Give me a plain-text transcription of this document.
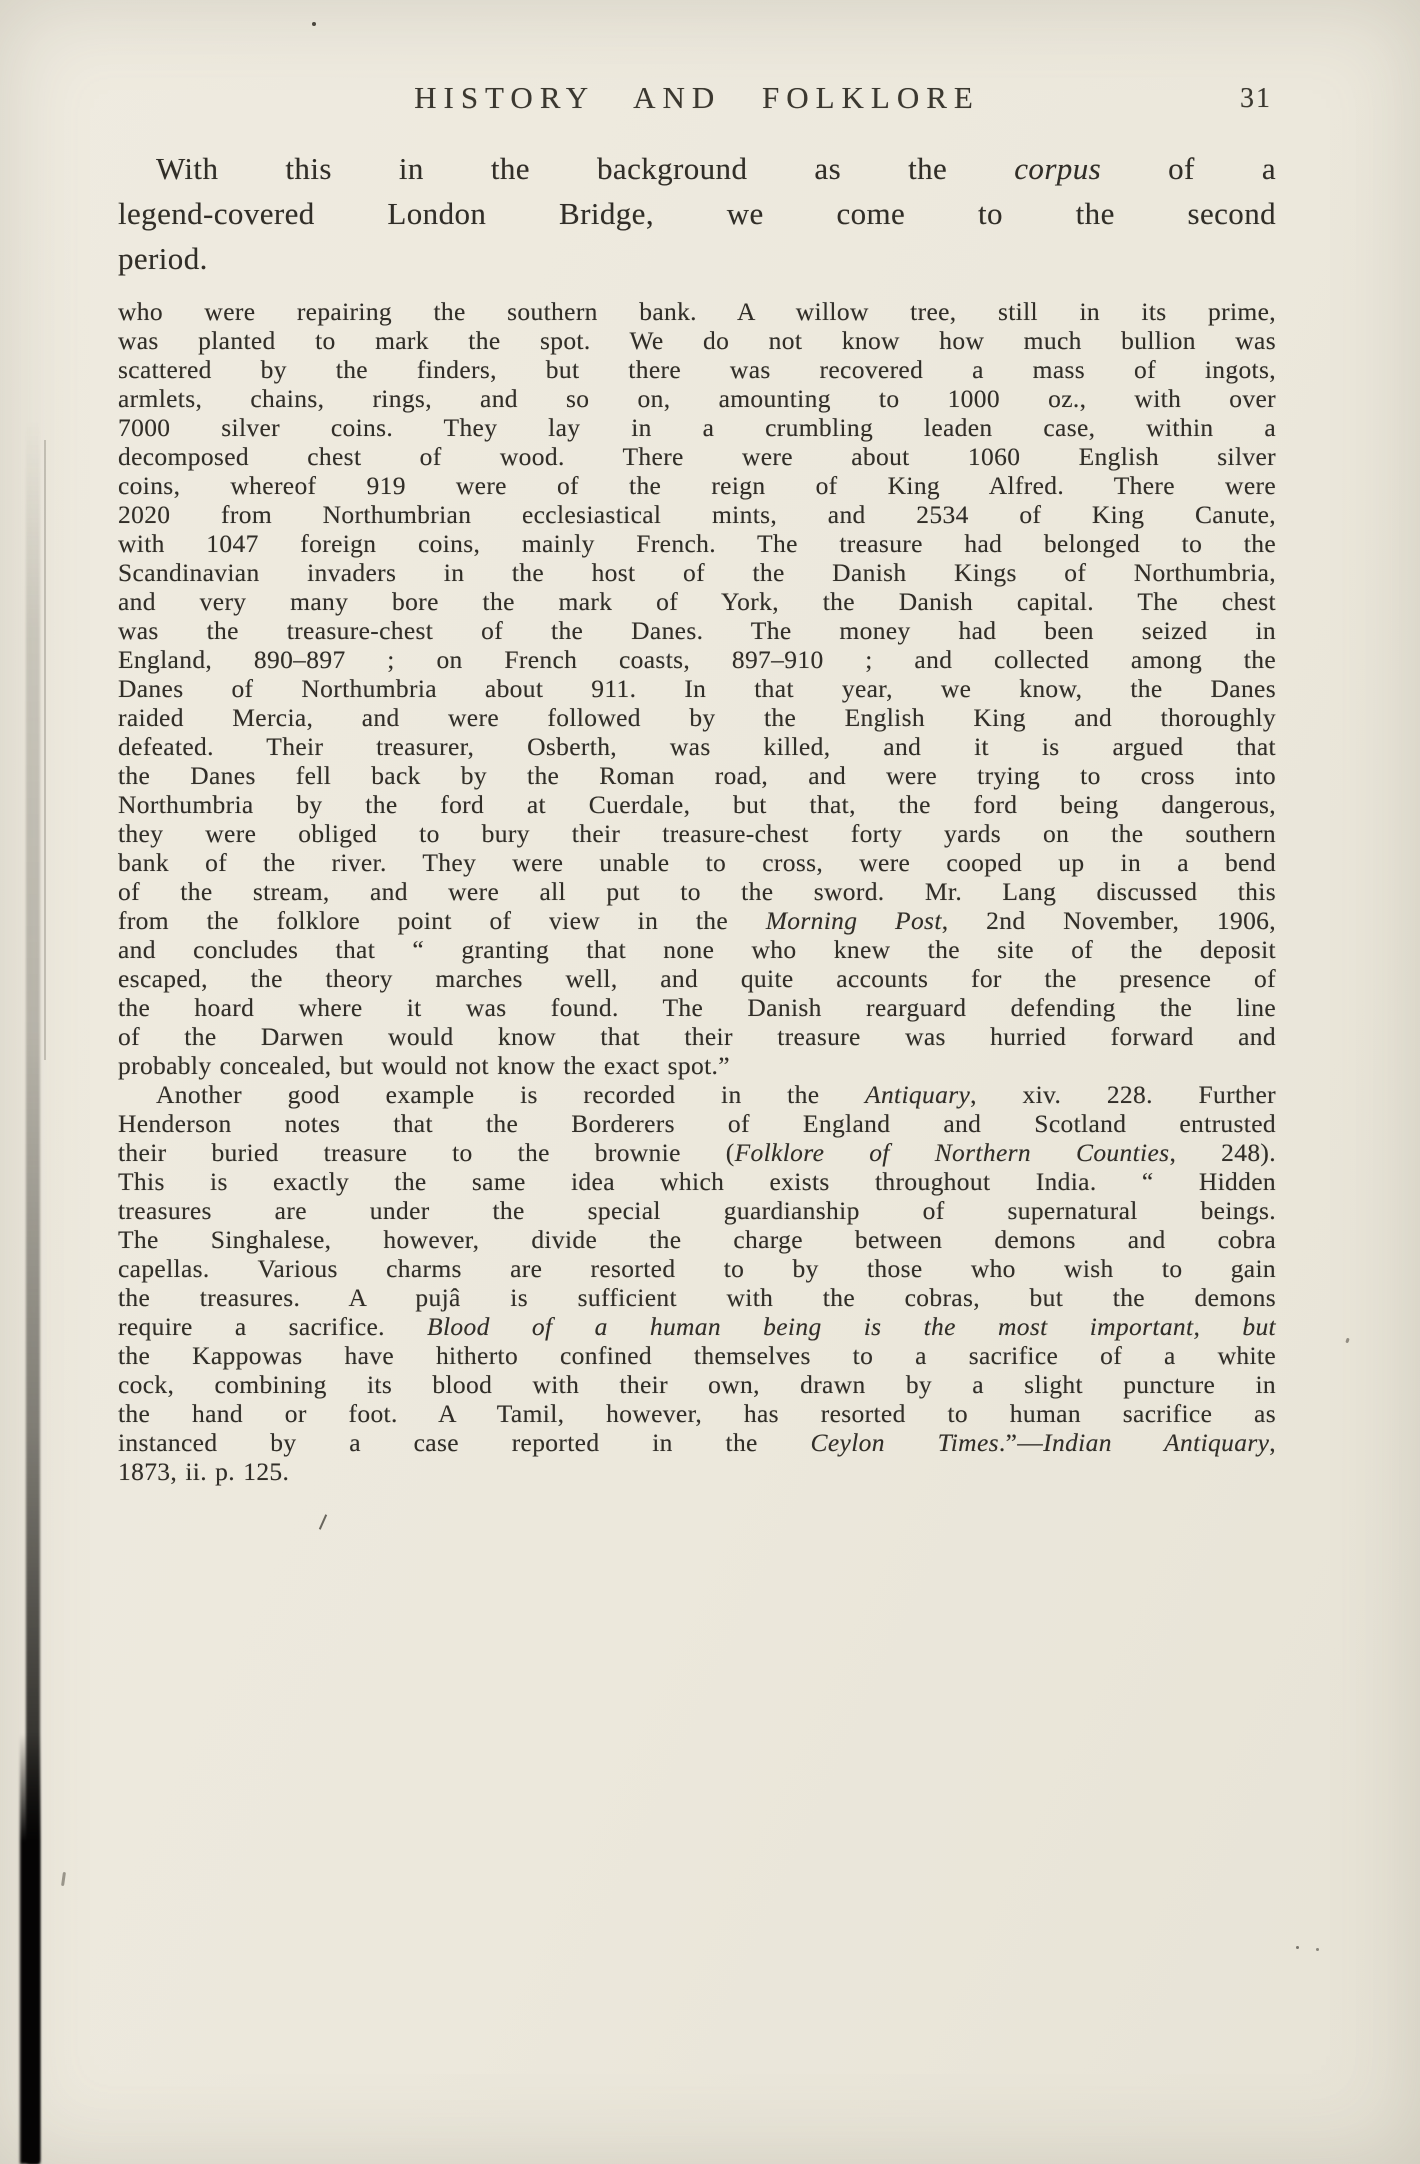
HISTORY AND FOLKLORE	31
With this in the background as the corpus of a
legend-covered London Bridge, we come to the second
period.
who were repairing the southern bank. A willow tree, still in its prime,
was planted to mark the spot. We do not know how much bullion was
scattered by the finders, but there was recovered a mass of ingots,
armlets, chains, rings, and so on, amounting to 1000 oz., with over
7000 silver coins. They lay in a crumbling leaden case, within a
decomposed chest of wood. There were about 1060 English silver
coins, whereof 919 were of the reign of King Alfred. There were
2020 from Northumbrian ecclesiastical mints, and 2534 of King Canute,
with 1047 foreign coins, mainly French. The treasure had belonged to the
Scandinavian invaders in the host of the Danish Kings of Northumbria,
and very many bore the mark of York, the Danish capital. The chest
was the treasure-chest of the Danes. The money had been seized in
England, 890–897 ; on French coasts, 897–910 ; and collected among the
Danes of Northumbria about 911. In that year, we know, the Danes
raided Mercia, and were followed by the English King and thoroughly
defeated. Their treasurer, Osberth, was killed, and it is argued that
the Danes fell back by the Roman road, and were trying to cross into
Northumbria by the ford at Cuerdale, but that, the ford being dangerous,
they were obliged to bury their treasure-chest forty yards on the southern
bank of the river. They were unable to cross, were cooped up in a bend
of the stream, and were all put to the sword. Mr. Lang discussed this
from the folklore point of view in the Morning Post, 2nd November, 1906,
and concludes that “ granting that none who knew the site of the deposit
escaped, the theory marches well, and quite accounts for the presence of
the hoard where it was found. The Danish rearguard defending the line
of the Darwen would know that their treasure was hurried forward and
probably concealed, but would not know the exact spot.”
Another good example is recorded in the Antiquary, xiv. 228. Further
Henderson notes that the Borderers of England and Scotland entrusted
their buried treasure to the brownie (Folklore of Northern Counties, 248).
This is exactly the same idea which exists throughout India. “ Hidden
treasures are under the special guardianship of supernatural beings.
The Singhalese, however, divide the charge between demons and cobra
capellas. Various charms are resorted to by those who wish to gain
the treasures. A pujâ is sufficient with the cobras, but the demons
require a sacrifice. Blood of a human being is the most important, but
the Kappowas have hitherto confined themselves to a sacrifice of a white
cock, combining its blood with their own, drawn by a slight puncture in
the hand or foot. A Tamil, however, has resorted to human sacrifice as
instanced by a case reported in the Ceylon Times.”—Indian Antiquary,
1873, ii. p. 125.
